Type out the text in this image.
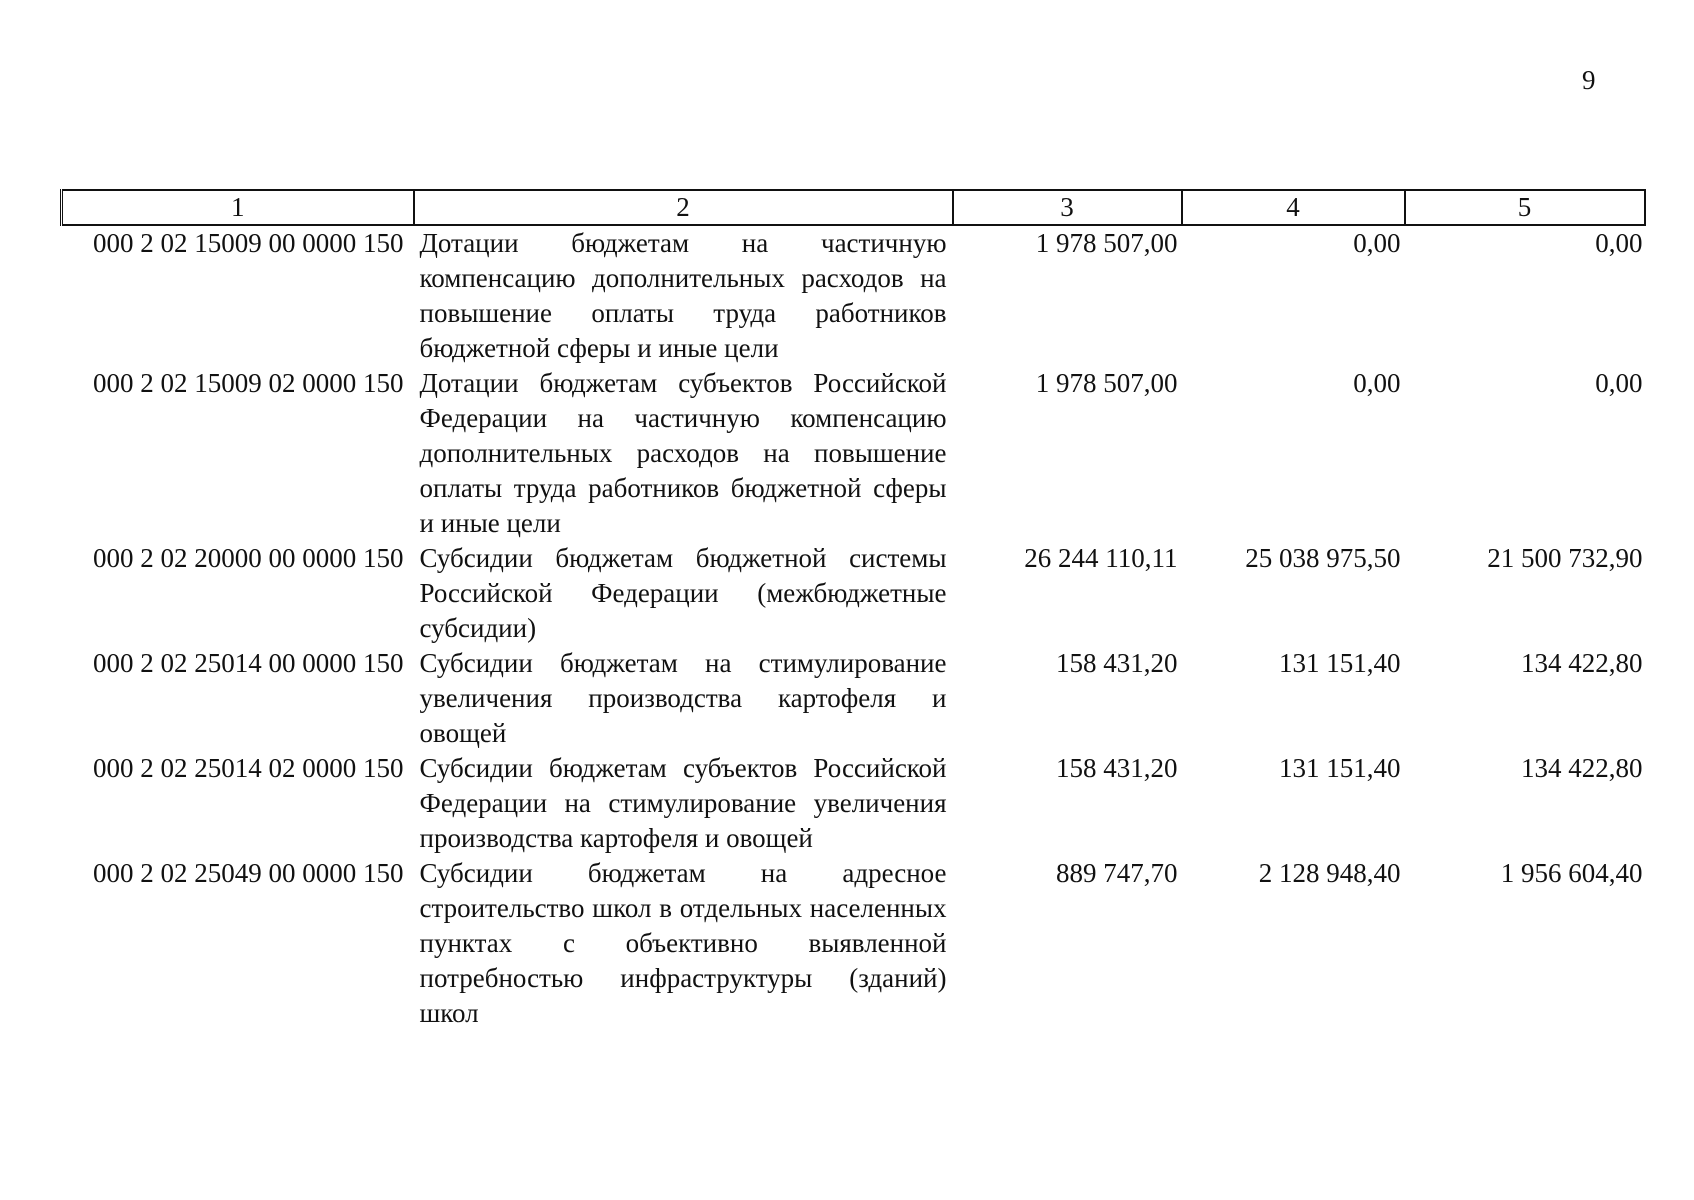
9
1	2	3	4	5
000 2 02 15009 00 0000 150	Дотации бюджетам на частичную компенсацию дополнительных расходов на повышение оплаты труда работников бюджетной сферы и иные цели	1 978 507,00	0,00	0,00
000 2 02 15009 02 0000 150	Дотации бюджетам субъектов Российской Федерации на частичную компенсацию дополнительных расходов на повышение оплаты труда работников бюджетной сферы и иные цели	1 978 507,00	0,00	0,00
000 2 02 20000 00 0000 150	Субсидии бюджетам бюджетной системы Российской Федерации (межбюджетные субсидии)	26 244 110,11	25 038 975,50	21 500 732,90
000 2 02 25014 00 0000 150	Субсидии бюджетам на стимулирование увеличения производства картофеля и овощей	158 431,20	131 151,40	134 422,80
000 2 02 25014 02 0000 150	Субсидии бюджетам субъектов Российской Федерации на стимулирование увеличения производства картофеля и овощей	158 431,20	131 151,40	134 422,80
000 2 02 25049 00 0000 150	Субсидии бюджетам на адресное строительство школ в отдельных населенных пунктах с объективно выявленной потребностью инфраструктуры (зданий) школ	889 747,70	2 128 948,40	1 956 604,40
